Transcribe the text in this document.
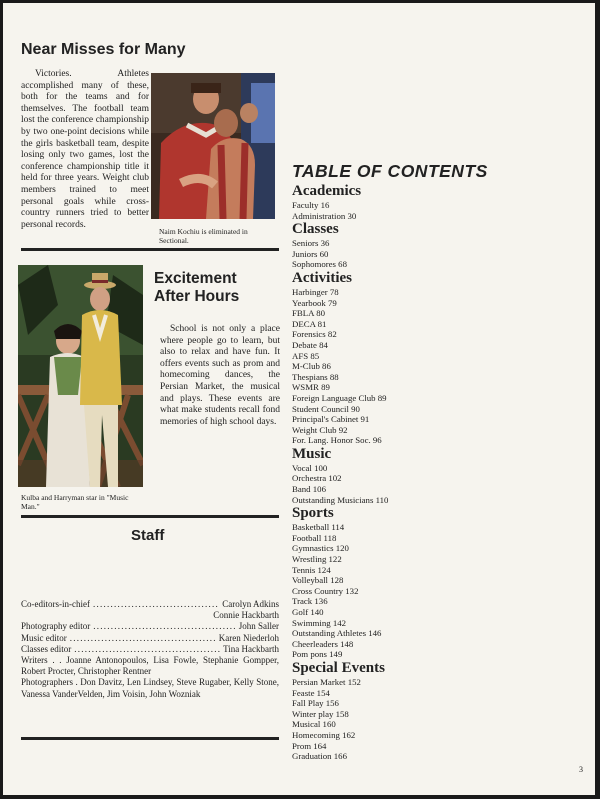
Near Misses for Many

Victories. Athletes accomplished many of these, both for the teams and for themselves. The football team lost the conference championship by two one-point decisions while the girls basketball team, despite losing only two games, lost the conference championship title it held for three years. Weight club members trained to meet personal goals while cross-country runners tried to better personal records.

Naim Kochiu is eliminated in Sectional.
Kulba and Harryman star in "Music Man."
Excitement
After Hours

School is not only a place where people go to learn, but also to relax and have fun. It offers events such as prom and homecoming dances, the Persian Market, the musical and plays. These events are what make students recall fond memories of high school days.

Staff
Co-editors-in-chief . . .	Carolyn Adkins
Connie Hackbarth
Photography editor . . .	John Saller
Music editor . . .	Karen Niederloh
Classes editor . . .	Tina Hackbarth
Writers . . Joanne Antonopoulos, Lisa Fowle, Stephanie Gompper, Robert Procter, Christopher Rentner
Photographers . Don Davitz, Len Lindsey, Steve Rugaber, Kelly Stone, Vanessa VanderVelden, Jim Voisin, John Wozniak
TABLE OF CONTENTS
Academics
Faculty 16
Administration 30
Classes
Seniors 36
Juniors 60
Sophomores 68
Activities
Harbinger 78
Yearbook 79
FBLA 80
DECA 81
Forensics 82
Debate 84
AFS 85
M-Club 86
Thespians 88
WSMR 89
Foreign Language Club 89
Student Council 90
Principal's Cabinet 91
Weight Club 92
For. Lang. Honor Soc. 96
Music
Vocal 100
Orchestra 102
Band 106
Outstanding Musicians 110
Sports
Basketball 114
Football 118
Gymnastics 120
Wrestling 122
Tennis 124
Volleyball 128
Cross Country 132
Track 136
Golf 140
Swimming 142
Outstanding Athletes 146
Cheerleaders 148
Pom pons 149
Special Events
Persian Market 152
Feaste 154
Fall Play 156
Winter play 158
Musical 160
Homecoming 162
Prom 164
Graduation 166
3
